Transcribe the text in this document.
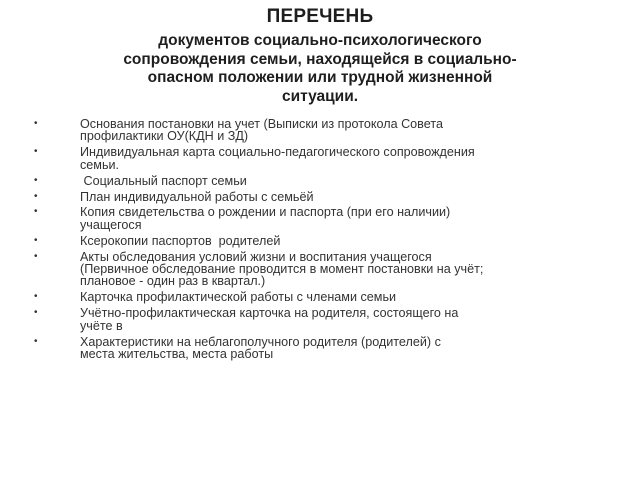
ПЕРЕЧЕНЬ
документов социально-психологического
сопровождения семьи, находящейся в социально-
опасном положении или трудной жизненной
ситуации.
•	Основания постановки на учет (Выписки из протокола Совета
профилактики ОУ(КДН и ЗД)
•	Индивидуальная карта социально-педагогического сопровождения
семьи.
•	Социальный паспорт семьи
•	План индивидуальной работы с семьёй
•	Копия свидетельства о рождении и паспорта (при его наличии)
учащегося
•	Ксерокопии паспортов  родителей
•	Акты обследования условий жизни и воспитания учащегося
(Первичное обследование проводится в момент постановки на учёт;
плановое - один раз в квартал.)
•	Карточка профилактической работы с членами семьи
•	Учётно-профилактическая карточка на родителя, состоящего на
учёте в
•	Характеристики на неблагополучного родителя (родителей) с
места жительства, места работы
